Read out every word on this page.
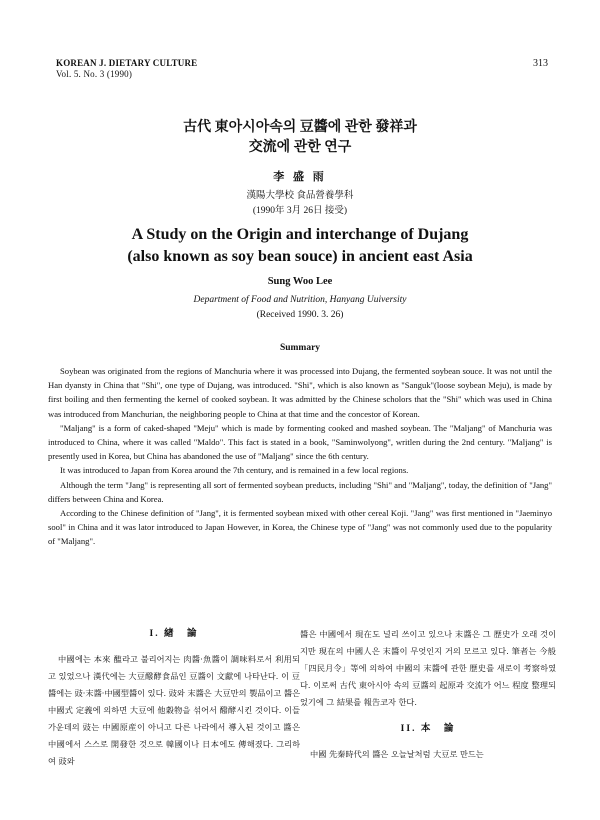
KOREAN J. DIETARY CULTURE
Vol. 5. No. 3 (1990)
313
古代 東아시아속의 豆醬에 관한 發祥과
交流에 관한 연구
李 盛 雨
漢陽大學校 食品營養學科
(1990年 3月 26日 接受)
A Study on the Origin and interchange of Dujang
(also known as soy bean souce) in ancient east Asia
Sung Woo Lee
Department of Food and Nutrition, Hanyang Uuiversity
(Received 1990. 3. 26)
Summary

Soybean was originated from the regions of Manchuria where it was processed into Dujang, the fermented soybean souce. It was not until the Han dyansty in China that "Shi", one type of Dujang, was introduced. "Shi", which is also known as "Sanguk"(loose soybean Meju), is made by first boiling and then fermenting the kernel of cooked soybean. It was admitted by the Chinese scholors that the "Shi" which was used in China was introduced from Manchurian, the neighboring people to China at that time and the concestor of Korean.

"Maljang" is a form of caked-shaped "Meju" which is made by formenting cooked and mashed soybean. The "Maljang" of Manchuria was introduced to China, where it was called "Maldo". This fact is stated in a book, "Saminwolyong", writlen during the 2nd century. "Maljang" is presently used in Korea, but China has abandoned the use of "Maljang" since the 6th century.

It was introduced to Japan from Korea around the 7th century, and is remained in a few local regions.

Although the term "Jang" is representing all sort of fermented soybean preducts, including "Shi" and "Maljang", today, the definition of "Jang" differs between China and Korea.

According to the Chinese definition of "Jang", it is fermented soybean mixed with other cereal Koji. "Jang" was first mentioned in "Jaeminyo sool" in China and it was lator introduced to Japan However, in Korea, the Chinese type of "Jang" was not commonly used due to the popularity of "Maljang".

I. 緖　論

中國에는 本來 醢라고 불리어지는 肉醬·魚醬이 調味料로서 利用되고 있었으나 漢代에는 大豆醱酵食品인 豆醬이 文獻에 나타난다. 이 豆醬에는 豉·末醬·中國型醬이 있다. 豉와 末醬은 大豆만의 製品이고 醬은 中國式 定義에 의하면 大豆에 他穀物을 섞어서 醱酵시킨 것이다. 이들 가운데의 豉는 中國原産이 아니고 다른 나라에서 導入된 것이고 醬은 中國에서 스스로 開發한 것으로 韓國이나 日本에도 傳해졌다. 그리하여 豉와

醬은 中國에서 現在도 널리 쓰이고 있으나 末醬은 그 歷史가 오래 것이지만 現在의 中國人은 末醬이 무엇인지 거의 모르고 있다. 筆者는 今般「四民月令」等에 의하여 中國의 末醬에 관한 歷史를 새로이 考察하였다. 이로써 古代 東아시아 속의 豆醬의 起原과 交流가 어느 程度 整理되었기에 그 結果를 報告코자 한다.

II. 本　論

中國 先秦時代의 醬은 오늘날처럼 大豆로 만드는
